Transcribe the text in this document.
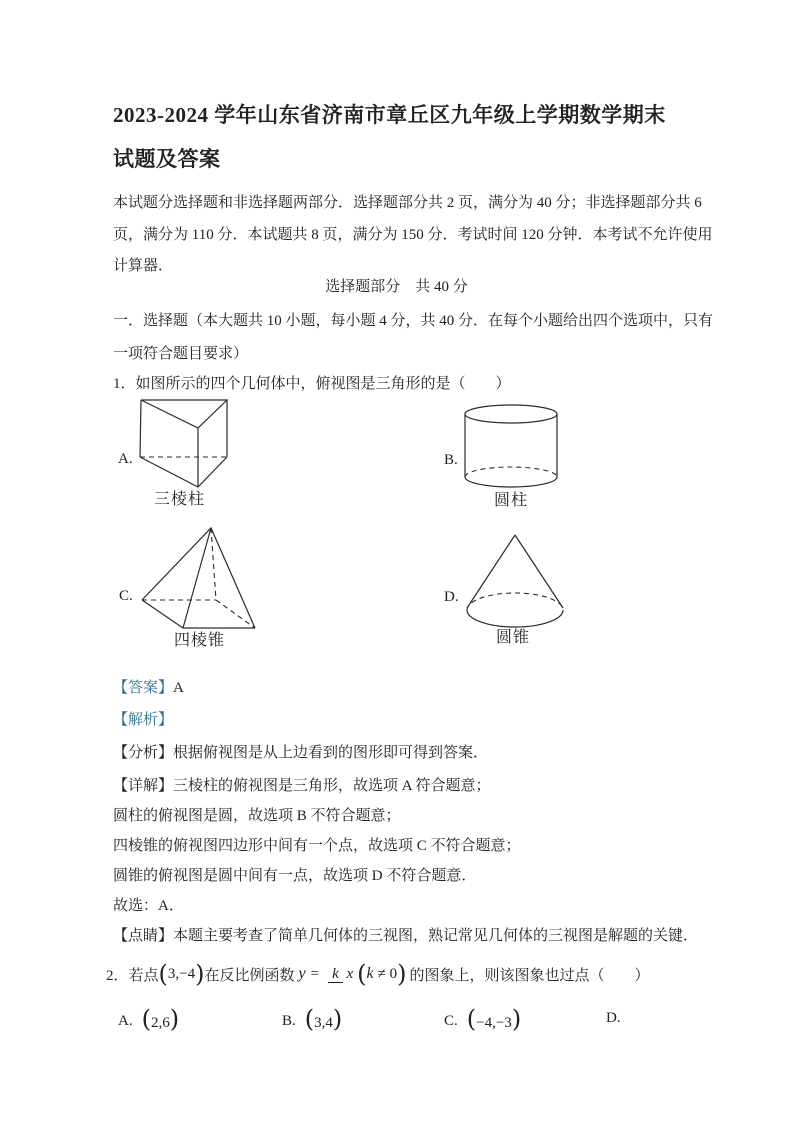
2023-2024 学年山东省济南市章丘区九年级上学期数学期末
试题及答案
本试题分选择题和非选择题两部分．选择题部分共 2 页，满分为 40 分；非选择题部分共 6
页，满分为 110 分．本试题共 8 页，满分为 150 分．考试时间 120 分钟．本考试不允许使用
计算器．
选择题部分　共 40 分
一．选择题（本大题共 10 小题，每小题 4 分，共 40 分．在每个小题给出四个选项中，只有
一项符合题目要求）
1．如图所示的四个几何体中，俯视图是三角形的是（　　）
A.
三棱柱
B.
圆柱
C.
四棱锥
D.
圆锥
【答案】A
【解析】
【分析】根据俯视图是从上边看到的图形即可得到答案．
【详解】三棱柱的俯视图是三角形，故选项 A 符合题意；
圆柱的俯视图是圆，故选项 B 不符合题意；
四棱锥的俯视图四边形中间有一个点，故选项 C 不符合题意；
圆锥的俯视图是圆中间有一点，故选项 D 不符合题意．
故选：A．
【点睛】本题主要考查了简单几何体的三视图，熟记常见几何体的三视图是解题的关键．
2．若点 ( 3,−4 ) 在反比例函数 y = k x ( k ≠ 0 ) 的图象上，则该图象也过点（　　）
A. (2,6)	B. (3,4)	C. (−4,−3)	D.
